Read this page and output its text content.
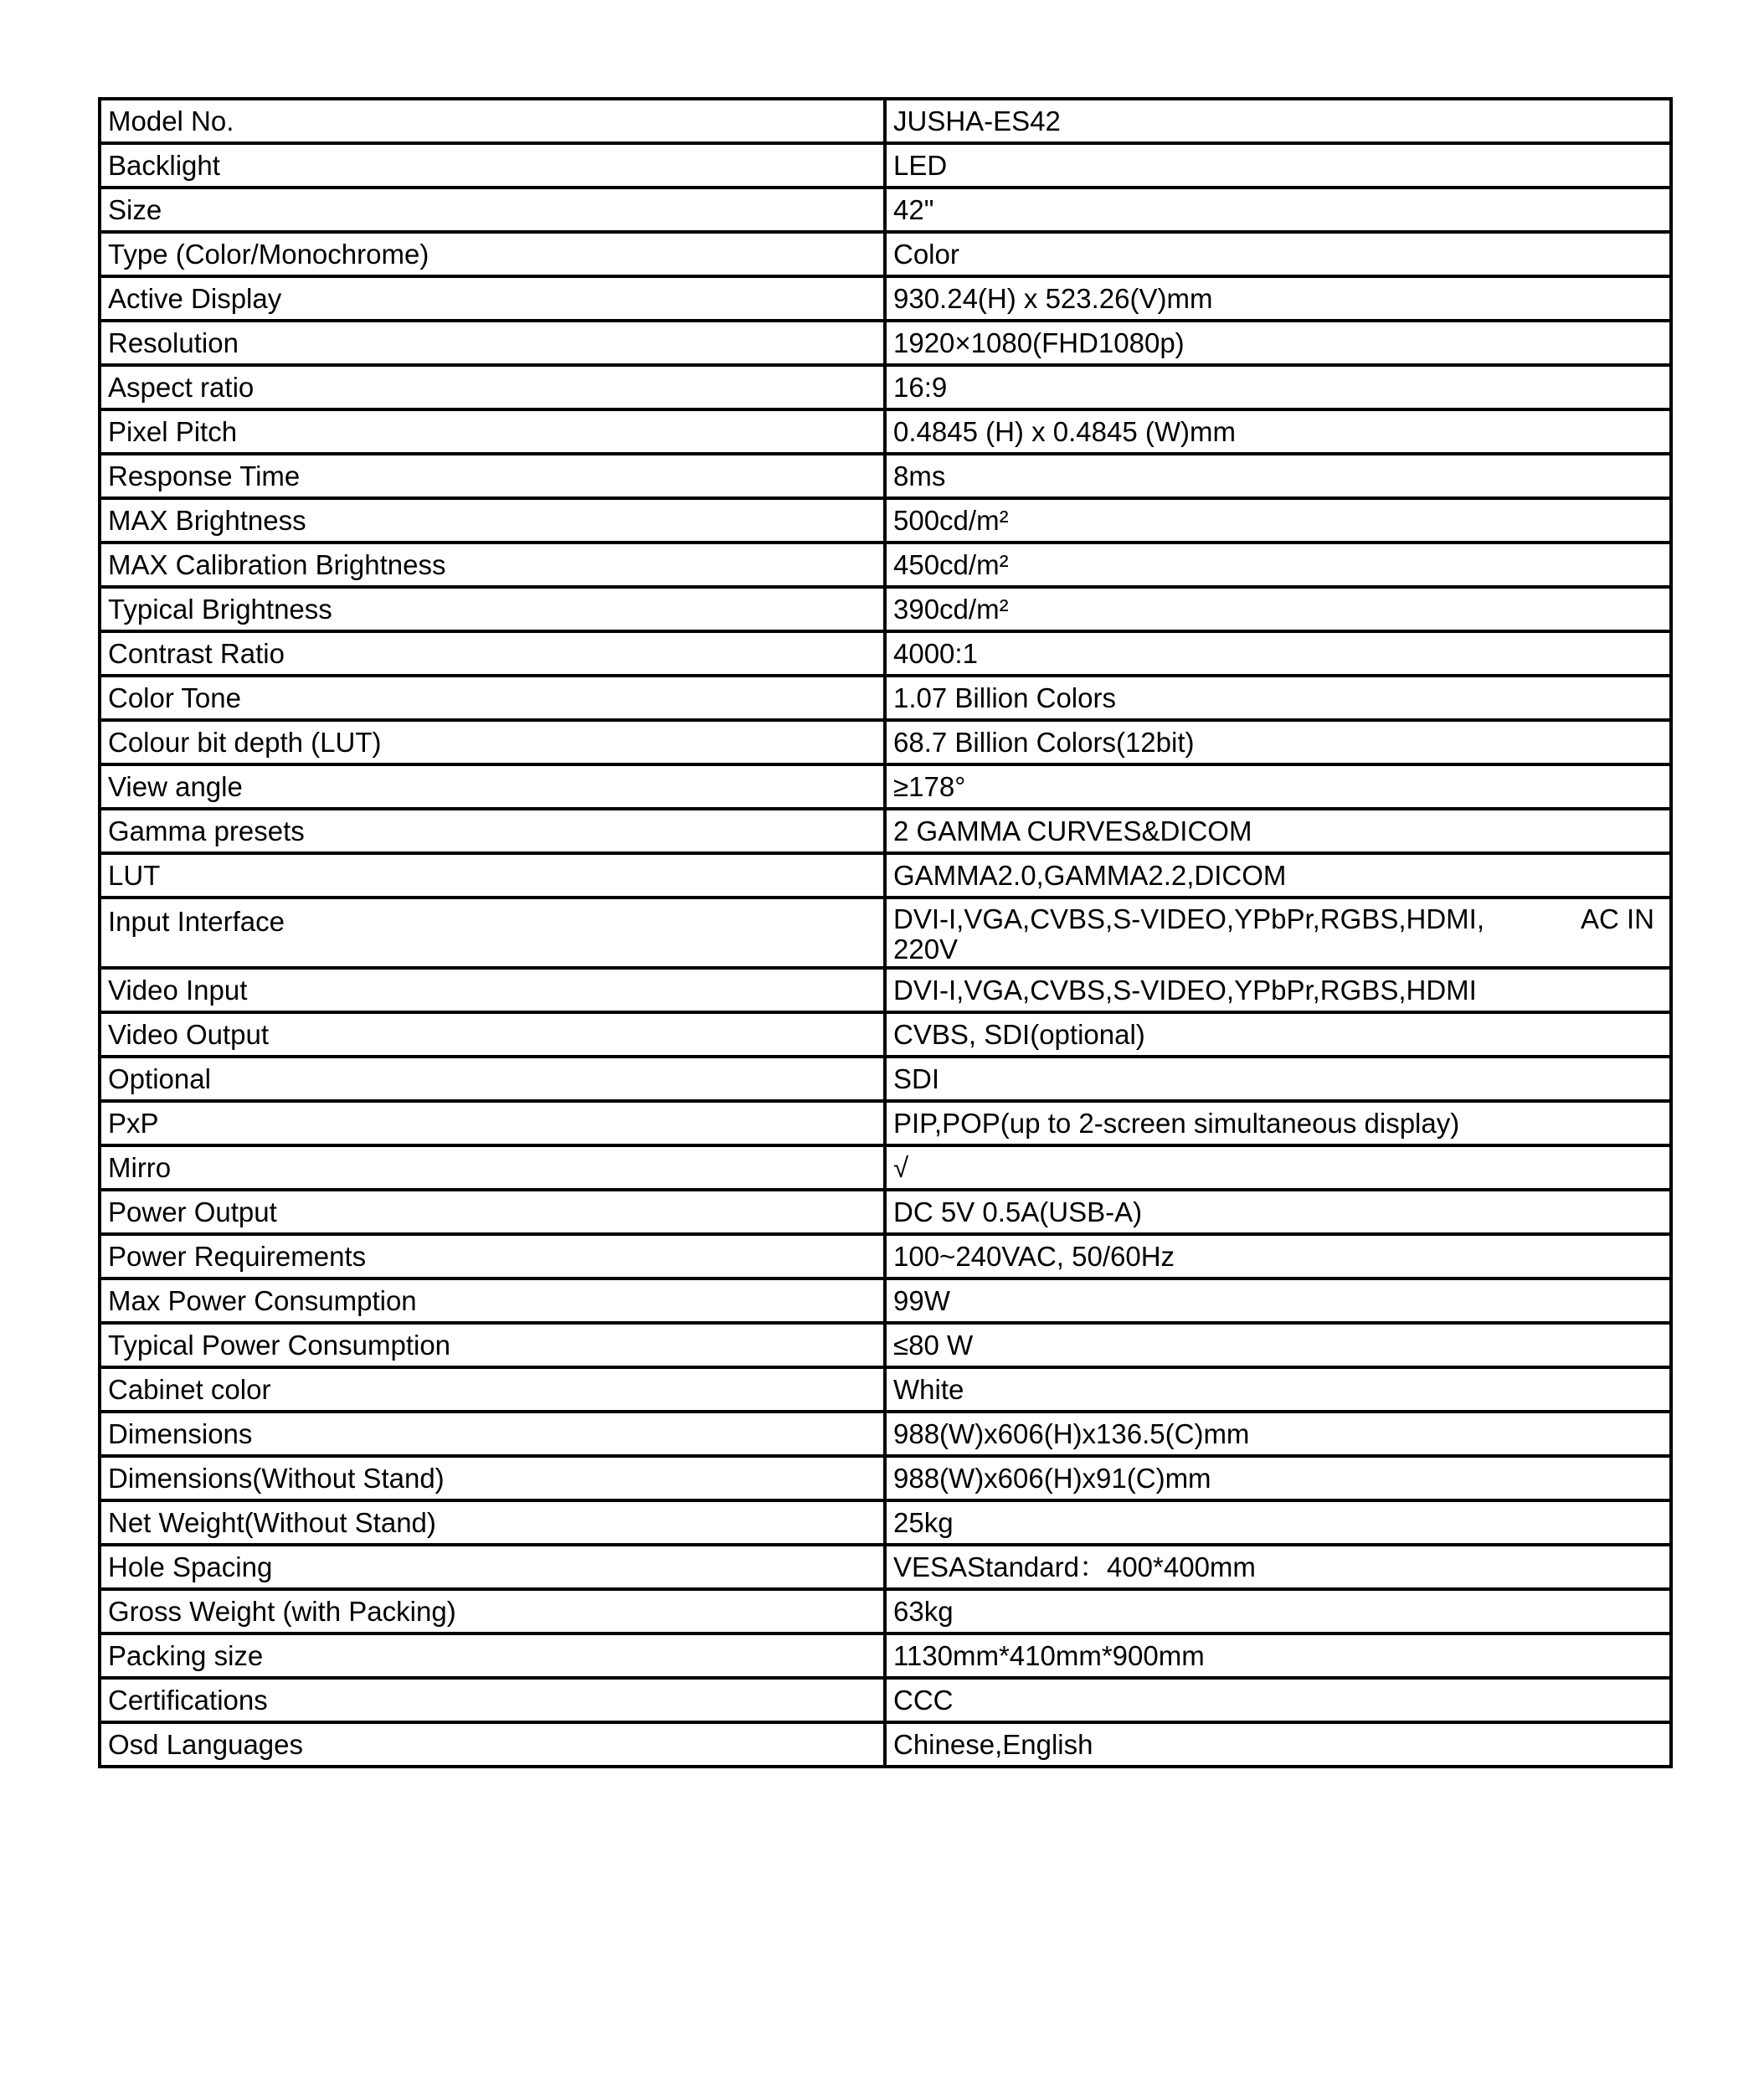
Model No.	JUSHA-ES42
Backlight	LED
Size	42"
Type (Color/Monochrome)	Color
Active Display	930.24(H) x 523.26(V)mm
Resolution	1920×1080(FHD1080p)
Aspect ratio	16:9
Pixel Pitch	0.4845 (H) x 0.4845 (W)mm
Response Time	8ms
MAX Brightness	500cd/m²
MAX Calibration Brightness	450cd/m²
Typical Brightness	390cd/m²
Contrast Ratio	4000:1
Color Tone	1.07 Billion Colors
Colour bit depth (LUT)	68.7 Billion Colors(12bit)
View angle	≥178°
Gamma presets	2 GAMMA CURVES&DICOM
LUT	GAMMA2.0,GAMMA2.2,DICOM
Input Interface	DVI-I,VGA,CVBS,S-VIDEO,YPbPr,RGBS,HDMI, AC IN
220V

Video Input	DVI-I,VGA,CVBS,S-VIDEO,YPbPr,RGBS,HDMI
Video Output	CVBS, SDI(optional)
Optional	SDI
PxP	PIP,POP(up to 2-screen simultaneous display)
Mirro	√
Power Output	DC 5V 0.5A(USB-A)
Power Requirements	100~240VAC, 50/60Hz
Max Power Consumption	99W
Typical Power Consumption	≤80 W
Cabinet color	White
Dimensions	988(W)x606(H)x136.5(C)mm
Dimensions(Without Stand)	988(W)x606(H)x91(C)mm
Net Weight(Without Stand)	25kg
Hole Spacing	VESAStandard：400*400mm
Gross Weight (with Packing)	63kg
Packing size	1130mm*410mm*900mm
Certifications	CCC
Osd Languages	Chinese,English
